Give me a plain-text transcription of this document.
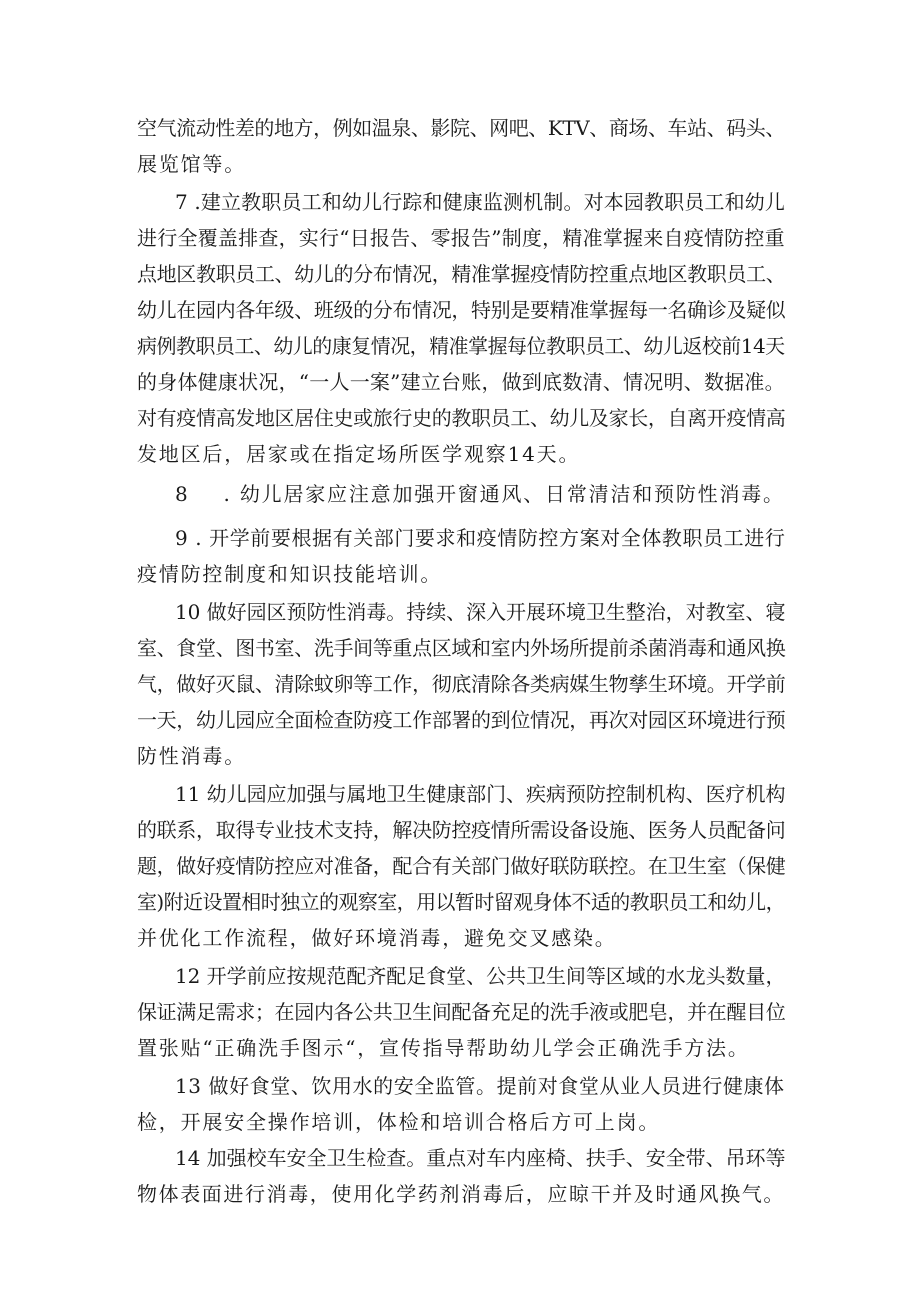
空气流动性差的地方，例如温泉、影院、网吧、KTV、商场、车站、码头、
展览馆等。
7 .建立教职员工和幼儿行踪和健康监测机制。对本园教职员工和幼儿
进行全覆盖排查，实行“日报告、零报告”制度，精准掌握来自疫情防控重
点地区教职员工、幼儿的分布情况，精准掌握疫情防控重点地区教职员工、
幼儿在园内各年级、班级的分布情况，特别是要精准掌握每一名确诊及疑似
病例教职员工、幼儿的康复情况，精准掌握每位教职员工、幼儿返校前14天
的身体健康状况，“一人一案”建立台账，做到底数清、情况明、数据准。
对有疫情高发地区居住史或旅行史的教职员工、幼儿及家长，自离开疫情高
发地区后，居家或在指定场所医学观察14天。
8 . 幼儿居家应注意加强开窗通风、日常清洁和预防性消毒。
9 . 开学前要根据有关部门要求和疫情防控方案对全体教职员工进行
疫情防控制度和知识技能培训。
10 做好园区预防性消毒。持续、深入开展环境卫生整治，对教室、寝
室、食堂、图书室、洗手间等重点区域和室内外场所提前杀菌消毒和通风换
气，做好灭鼠、清除蚊卵等工作，彻底清除各类病媒生物孳生环境。开学前
一天，幼儿园应全面检查防疫工作部署的到位情况，再次对园区环境进行预
防性消毒。
11 幼儿园应加强与属地卫生健康部门、疾病预防控制机构、医疗机构
的联系，取得专业技术支持，解决防控疫情所需设备设施、医务人员配备问
题，做好疫情防控应对准备，配合有关部门做好联防联控。在卫生室（保健
室)附近设置相时独立的观察室，用以暂时留观身体不适的教职员工和幼儿，
并优化工作流程，做好环境消毒，避免交叉感染。
12 开学前应按规范配齐配足食堂、公共卫生间等区域的水龙头数量，
保证满足需求；在园内各公共卫生间配备充足的洗手液或肥皂，并在醒目位
置张贴“正确洗手图示“，宣传指导帮助幼儿学会正确洗手方法。
13 做好食堂、饮用水的安全监管。提前对食堂从业人员进行健康体
检，开展安全操作培训，体检和培训合格后方可上岗。
14 加强校车安全卫生检查。重点对车内座椅、扶手、安全带、吊环等
物体表面进行消毒，使用化学药剂消毒后，应晾干并及时通风换气。
